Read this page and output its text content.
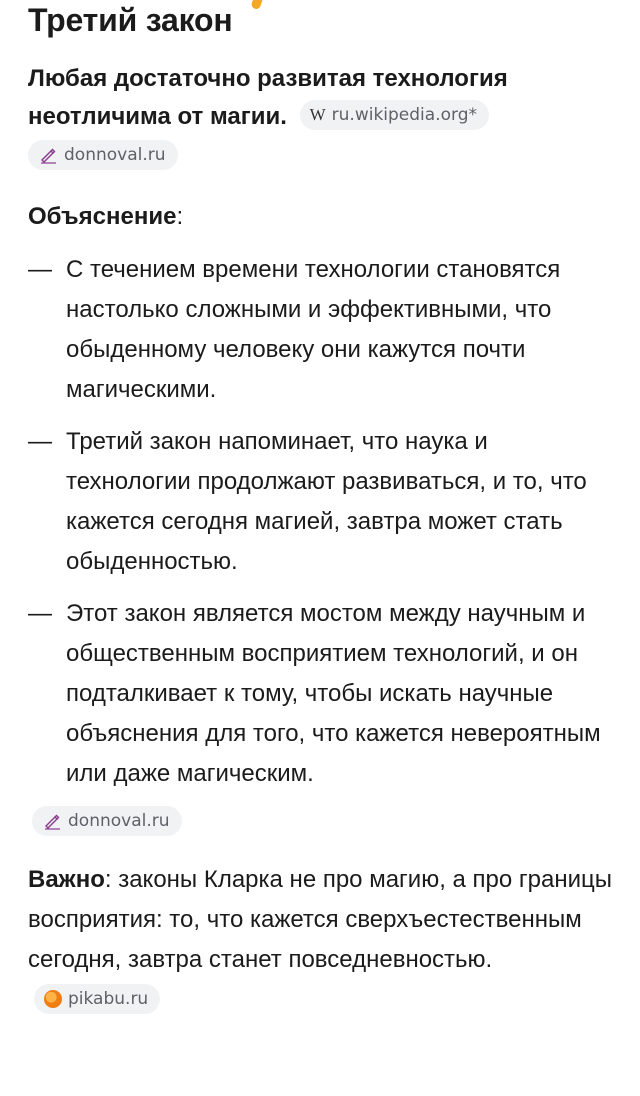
Третий закон

Любая достаточно развитая технология неотличима от магии. W ru.wikipedia.org*

donnoval.ru

Объяснение:

— С течением времени технологии становятся настолько сложными и эффективными, что обыденному человеку они кажутся почти магическими.
— Третий закон напоминает, что наука и технологии продолжают развиваться, и то, что кажется сегодня магией, завтра может стать обыденностью.
— Этот закон является мостом между научным и общественным восприятием технологий, и он подталкивает к тому, чтобы искать научные объяснения для того, что кажется невероятным или даже магическим.
donnoval.ru

Важно: законы Кларка не про магию, а про границы восприятия: то, что кажется сверхъестественным сегодня, завтра станет повседневностью.
pikabu.ru
